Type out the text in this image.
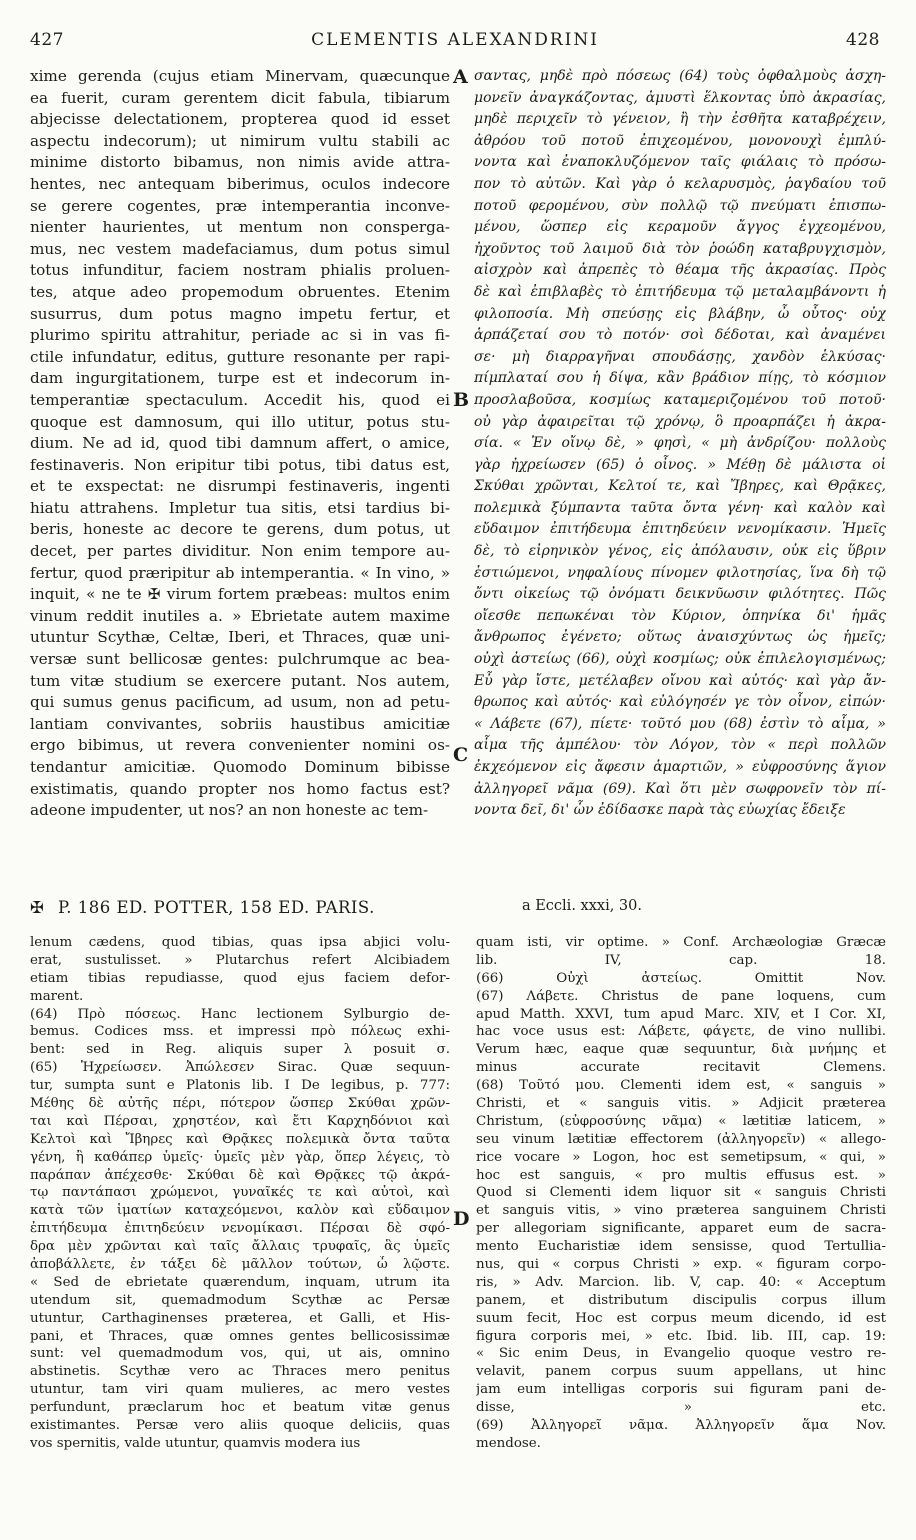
427	CLEMENTIS ALEXANDRINI	428
xime gerenda (cujus etiam Minervam, quæcunque
ea fuerit, curam gerentem dicit fabula, tibiarum
abjecisse delectationem, propterea quod id esset
aspectu indecorum); ut nimirum vultu stabili ac
minime distorto bibamus, non nimis avide attra-
hentes, nec antequam biberimus, oculos indecore
se gerere cogentes, præ intemperantia inconve-
nienter haurientes, ut mentum non consperga-
mus, nec vestem madefaciamus, dum potus simul
totus infunditur, faciem nostram phialis proluen-
tes, atque adeo propemodum obruentes. Etenim
susurrus, dum potus magno impetu fertur, et
plurimo spiritu attrahitur, periade ac si in vas fi-
ctile infundatur, editus, gutture resonante per rapi-
dam ingurgitationem, turpe est et indecorum in-
temperantiæ spectaculum. Accedit his, quod ei
quoque est damnosum, qui illo utitur, potus stu-
dium. Ne ad id, quod tibi damnum affert, o amice,
festinaveris. Non eripitur tibi potus, tibi datus est,
et te exspectat: ne disrumpi festinaveris, ingenti
hiatu attrahens. Impletur tua sitis, etsi tardius bi-
beris, honeste ac decore te gerens, dum potus, ut
decet, per partes dividitur. Non enim tempore au-
fertur, quod præripitur ab intemperantia. « In vino, »
inquit, « ne te ✠ virum fortem præbeas: multos enim
vinum reddit inutiles a. » Ebrietate autem maxime
utuntur Scythæ, Celtæ, Iberi, et Thraces, quæ uni-
versæ sunt bellicosæ gentes: pulchrumque ac bea-
tum vitæ studium se exercere putant. Nos autem,
qui sumus genus pacificum, ad usum, non ad petu-
lantiam convivantes, sobriis haustibus amicitiæ
ergo bibimus, ut revera convenienter nomini os-
tendantur amicitiæ. Quomodo Dominum bibisse
existimatis, quando propter nos homo factus est?
adeone impudenter, ut nos? an non honeste ac tem-
σαντας, μηδὲ πρὸ πόσεως (64) τοὺς ὀφθαλμοὺς ἀσχη-
μονεῖν ἀναγκάζοντας, ἀμυστὶ ἕλκοντας ὑπὸ ἀκρασίας,
μηδὲ περιχεῖν τὸ γένειον, ἢ τὴν ἐσθῆτα καταβρέχειν,
ἀθρόου τοῦ ποτοῦ ἐπιχεομένου, μονονουχὶ ἐμπλύ-
νοντα καὶ ἐναποκλυζόμενον ταῖς φιάλαις τὸ πρόσω-
πον τὸ αὐτῶν. Καὶ γὰρ ὁ κελαρυσμὸς, ῥαγδαίου τοῦ
ποτοῦ φερομένου, σὺν πολλῷ τῷ πνεύματι ἐπισπω-
μένου, ὥσπερ εἰς κεραμοῦν ἄγγος ἐγχεομένου,
ἠχοῦντος τοῦ λαιμοῦ διὰ τὸν ῥοώδη καταβρυγχισμὸν,
αἰσχρὸν καὶ ἀπρεπὲς τὸ θέαμα τῆς ἀκρασίας. Πρὸς
δὲ καὶ ἐπιβλαβὲς τὸ ἐπιτήδευμα τῷ μεταλαμβάνοντι ἡ
φιλοποσία. Μὴ σπεύσῃς εἰς βλάβην, ὦ οὗτος· οὐχ
ἁρπάζεταί σου τὸ ποτόν· σοὶ δέδοται, καὶ ἀναμένει
σε· μὴ διαρραγῆναι σπουδάσῃς, χανδὸν ἑλκύσας·
πίμπλαταί σου ἡ δίψα, κἂν βράδιον πίῃς, τὸ κόσμιον
προσλαβοῦσα, κοσμίως καταμεριζομένου τοῦ ποτοῦ·
οὐ γὰρ ἀφαιρεῖται τῷ χρόνῳ, ὃ προαρπάζει ἡ ἀκρα-
σία. « Ἐν οἴνῳ δὲ, » φησὶ, « μὴ ἀνδρίζου· πολλοὺς
γὰρ ἠχρείωσεν (65) ὁ οἶνος. » Μέθῃ δὲ μάλιστα οἱ
Σκύθαι χρῶνται, Κελτοί τε, καὶ Ἴβηρες, καὶ Θρᾷκες,
πολεμικὰ ξύμπαντα ταῦτα ὄντα γένη· καὶ καλὸν καὶ
εὔδαιμον ἐπιτήδευμα ἐπιτηδεύειν νενομίκασιν. Ἡμεῖς
δὲ, τὸ εἰρηνικὸν γένος, εἰς ἀπόλαυσιν, οὐκ εἰς ὕβριν
ἑστιώμενοι, νηφαλίους πίνομεν φιλοτησίας, ἵνα δὴ τῷ
ὄντι οἰκείως τῷ ὀνόματι δεικνῦωσιν φιλότητες. Πῶς
οἴεσθε πεπωκέναι τὸν Κύριον, ὁπηνίκα δι' ἡμᾶς
ἄνθρωπος ἐγένετο; οὕτως ἀναισχύντως ὡς ἡμεῖς;
οὐχὶ ἀστείως (66), οὐχὶ κοσμίως; οὐκ ἐπιλελογισμένως;
Εὖ γὰρ ἴστε, μετέλαβεν οἴνου καὶ αὐτός· καὶ γὰρ ἄν-
θρωπος καὶ αὐτός· καὶ εὐλόγησέν γε τὸν οἶνον, εἰπών·
« Λάβετε (67), πίετε· τοῦτό μου (68) ἐστὶν τὸ αἷμα, »
αἷμα τῆς ἀμπέλου· τὸν Λόγον, τὸν « περὶ πολλῶν
ἐκχεόμενον εἰς ἄφεσιν ἁμαρτιῶν, » εὐφροσύνης ἅγιον
ἀλληγορεῖ νᾶμα (69). Καὶ ὅτι μὲν σωφρονεῖν τὸν πί-
νοντα δεῖ, δι' ὧν ἐδίδασκε παρὰ τὰς εὐωχίας ἔδειξε
A
B
C
D
✠ P. 186 ED. POTTER, 158 ED. PARIS.	a Eccli. xxxi, 30.
lenum cædens, quod tibias, quas ipsa abjici volu-
erat, sustulisset. » Plutarchus refert Alcibiadem
etiam tibias repudiasse, quod ejus faciem defor-
marent.
(64) Πρὸ πόσεως. Hanc lectionem Sylburgio de-
bemus. Codices mss. et impressi πρὸ πόλεως exhi-
bent: sed in Reg. aliquis super λ posuit σ.
(65) Ἠχρείωσεν. Ἀπώλεσεν Sirac. Quæ sequun-
tur, sumpta sunt e Platonis lib. I De legibus, p. 777:
Μέθης δὲ αὐτῆς πέρι, πότερον ὥσπερ Σκύθαι χρῶν-
ται καὶ Πέρσαι, χρηστέον, καὶ ἔτι Καρχηδόνιοι καὶ
Κελτοὶ καὶ Ἴβηρες καὶ Θρᾷκες πολεμικὰ ὄντα ταῦτα
γένη, ἢ καθάπερ ὑμεῖς· ὑμεῖς μὲν γὰρ, ὅπερ λέγεις, τὸ
παράπαν ἀπέχεσθε· Σκύθαι δὲ καὶ Θρᾷκες τῷ ἀκρά-
τῳ παντάπασι χρώμενοι, γυναῖκές τε καὶ αὐτοὶ, καὶ
κατὰ τῶν ἱματίων καταχεόμενοι, καλὸν καὶ εὔδαιμον
ἐπιτήδευμα ἐπιτηδεύειν νενομίκασι. Πέρσαι δὲ σφό-
δρα μὲν χρῶνται καὶ ταῖς ἄλλαις τρυφαῖς, ἃς ὑμεῖς
ἀποβάλλετε, ἐν τάξει δὲ μᾶλλον τούτων, ὦ λῷστε.
« Sed de ebrietate quærendum, inquam, utrum ita
utendum sit, quemadmodum Scythæ ac Persæ
utuntur, Carthaginenses præterea, et Galli, et His-
pani, et Thraces, quæ omnes gentes bellicosissimæ
sunt: vel quemadmodum vos, qui, ut ais, omnino
abstinetis. Scythæ vero ac Thraces mero penitus
utuntur, tam viri quam mulieres, ac mero vestes
perfundunt, præclarum hoc et beatum vitæ genus
existimantes. Persæ vero aliis quoque deliciis, quas
vos spernitis, valde utuntur, quamvis modera ius
quam isti, vir optime. » Conf. Archæologiæ Græcæ
lib. IV, cap. 18.
(66) Οὐχὶ ἀστείως. Omittit Nov.
(67) Λάβετε. Christus de pane loquens, cum
apud Matth. XXVI, tum apud Marc. XIV, et I Cor. XI,
hac voce usus est: Λάβετε, φάγετε, de vino nullibi.
Verum hæc, eaque quæ sequuntur, διὰ μνήμης et
minus accurate recitavit Clemens.
(68) Τοῦτό μου. Clementi idem est, « sanguis »
Christi, et « sanguis vitis. » Adjicit præterea
Christum, (εὐφροσύνης νᾶμα) « lætitiæ laticem, »
seu vinum lætitiæ effectorem (ἀλληγορεῖν) « allego-
rice vocare » Logon, hoc est semetipsum, « qui, »
hoc est sanguis, « pro multis effusus est. »
Quod si Clementi idem liquor sit « sanguis Christi
et sanguis vitis, » vino præterea sanguinem Christi
per allegoriam significante, apparet eum de sacra-
mento Eucharistiæ idem sensisse, quod Tertullia-
nus, qui « corpus Christi » exp. « figuram corpo-
ris, » Adv. Marcion. lib. V, cap. 40: « Acceptum
panem, et distributum discipulis corpus illum
suum fecit, Hoc est corpus meum dicendo, id est
figura corporis mei, » etc. Ibid. lib. III, cap. 19:
« Sic enim Deus, in Evangelio quoque vestro re-
velavit, panem corpus suum appellans, ut hinc
jam eum intelligas corporis sui figuram pani de-
disse, » etc.
(69) Ἀλληγορεῖ νᾶμα. Ἀλληγορεῖν ἅμα Nov.
mendose.
